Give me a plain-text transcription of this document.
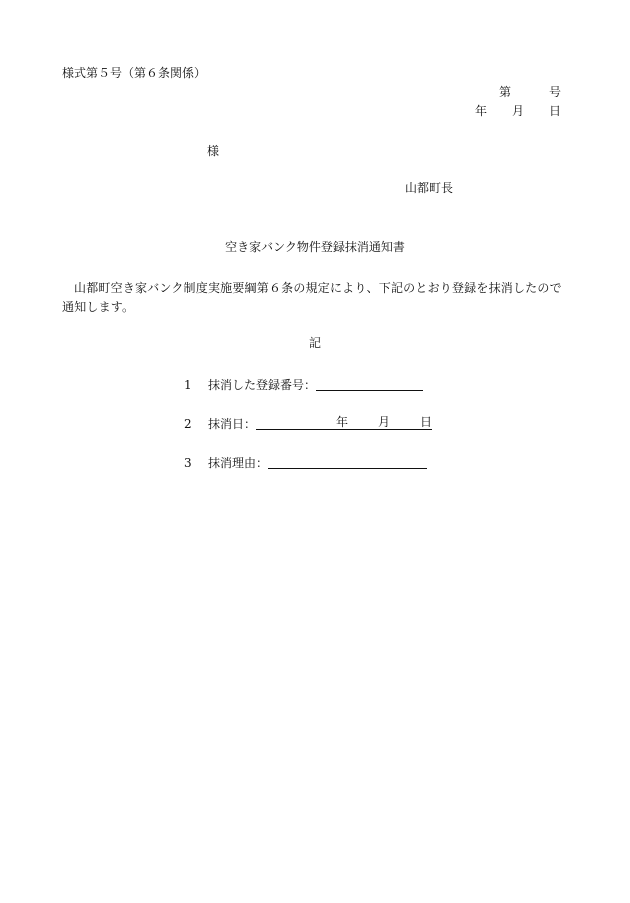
様式第５号（第６条関係）
第	号
年 月 日
様
山都町長
空き家バンク物件登録抹消通知書
山都町空き家バンク制度実施要綱第６条の規定により、下記のとおり登録を抹消したので通知します。
記
1 抹消した登録番号：
2 抹消日：	年	月	日
3 抹消理由：
